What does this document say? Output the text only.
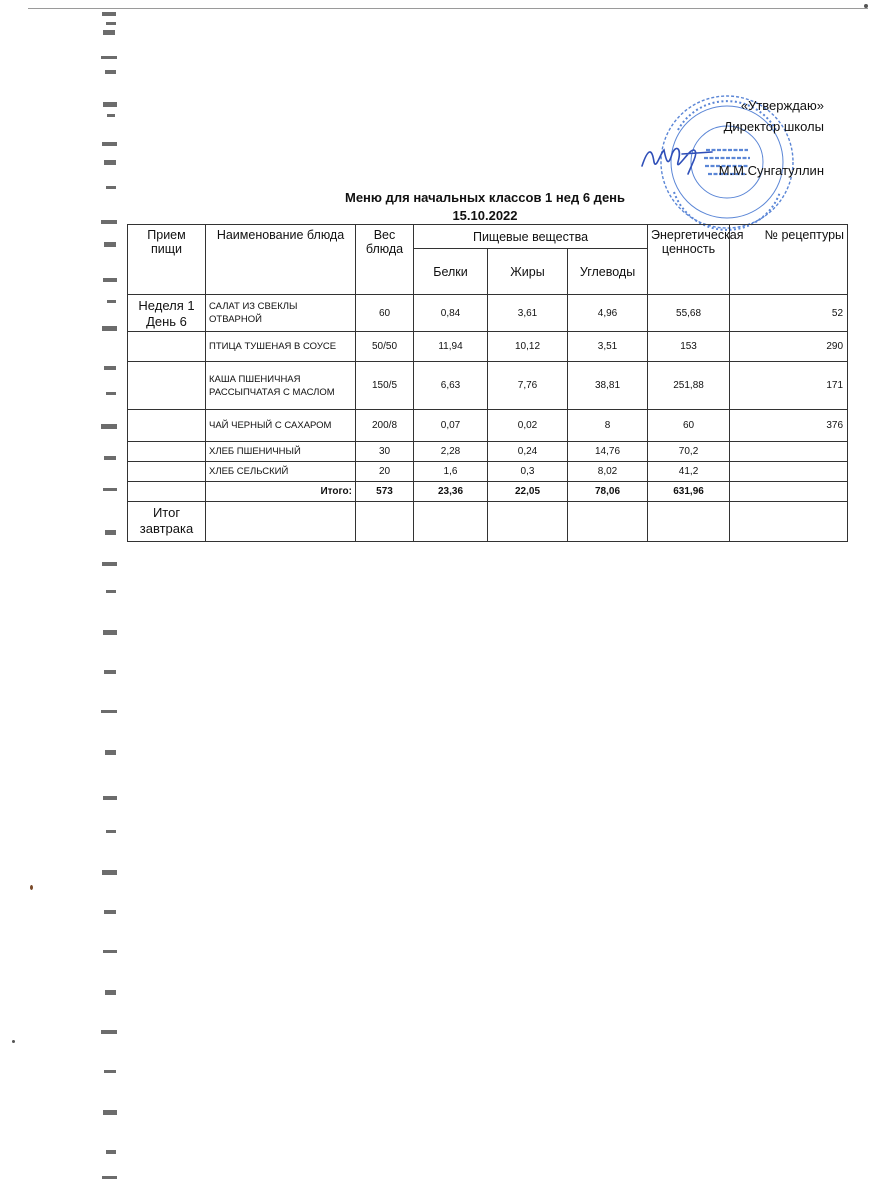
«Утверждаю»
Директор школы
М.М.Сунгатуллин
Меню для начальных классов 1 нед 6 день
15.10.2022
Прием пищи	Наименование блюда	Вес блюда	Пищевые вещества			Энергетическая ценность	№ рецептуры
			Белки	Жиры	Углеводы		
Неделя 1 День 6	САЛАТ ИЗ СВЕКЛЫ ОТВАРНОЙ	60	0,84	3,61	4,96	55,68	52
	ПТИЦА ТУШЕНАЯ В СОУСЕ	50/50	11,94	10,12	3,51	153	290
	КАША ПШЕНИЧНАЯ РАССЫПЧАТАЯ С МАСЛОМ	150/5	6,63	7,76	38,81	251,88	171
	ЧАЙ ЧЕРНЫЙ С САХАРОМ	200/8	0,07	0,02	8	60	376
	ХЛЕБ ПШЕНИЧНЫЙ	30	2,28	0,24	14,76	70,2	
	ХЛЕБ СЕЛЬСКИЙ	20	1,6	0,3	8,02	41,2	
	Итого:	573	23,36	22,05	78,06	631,96	
Итог завтрака							
